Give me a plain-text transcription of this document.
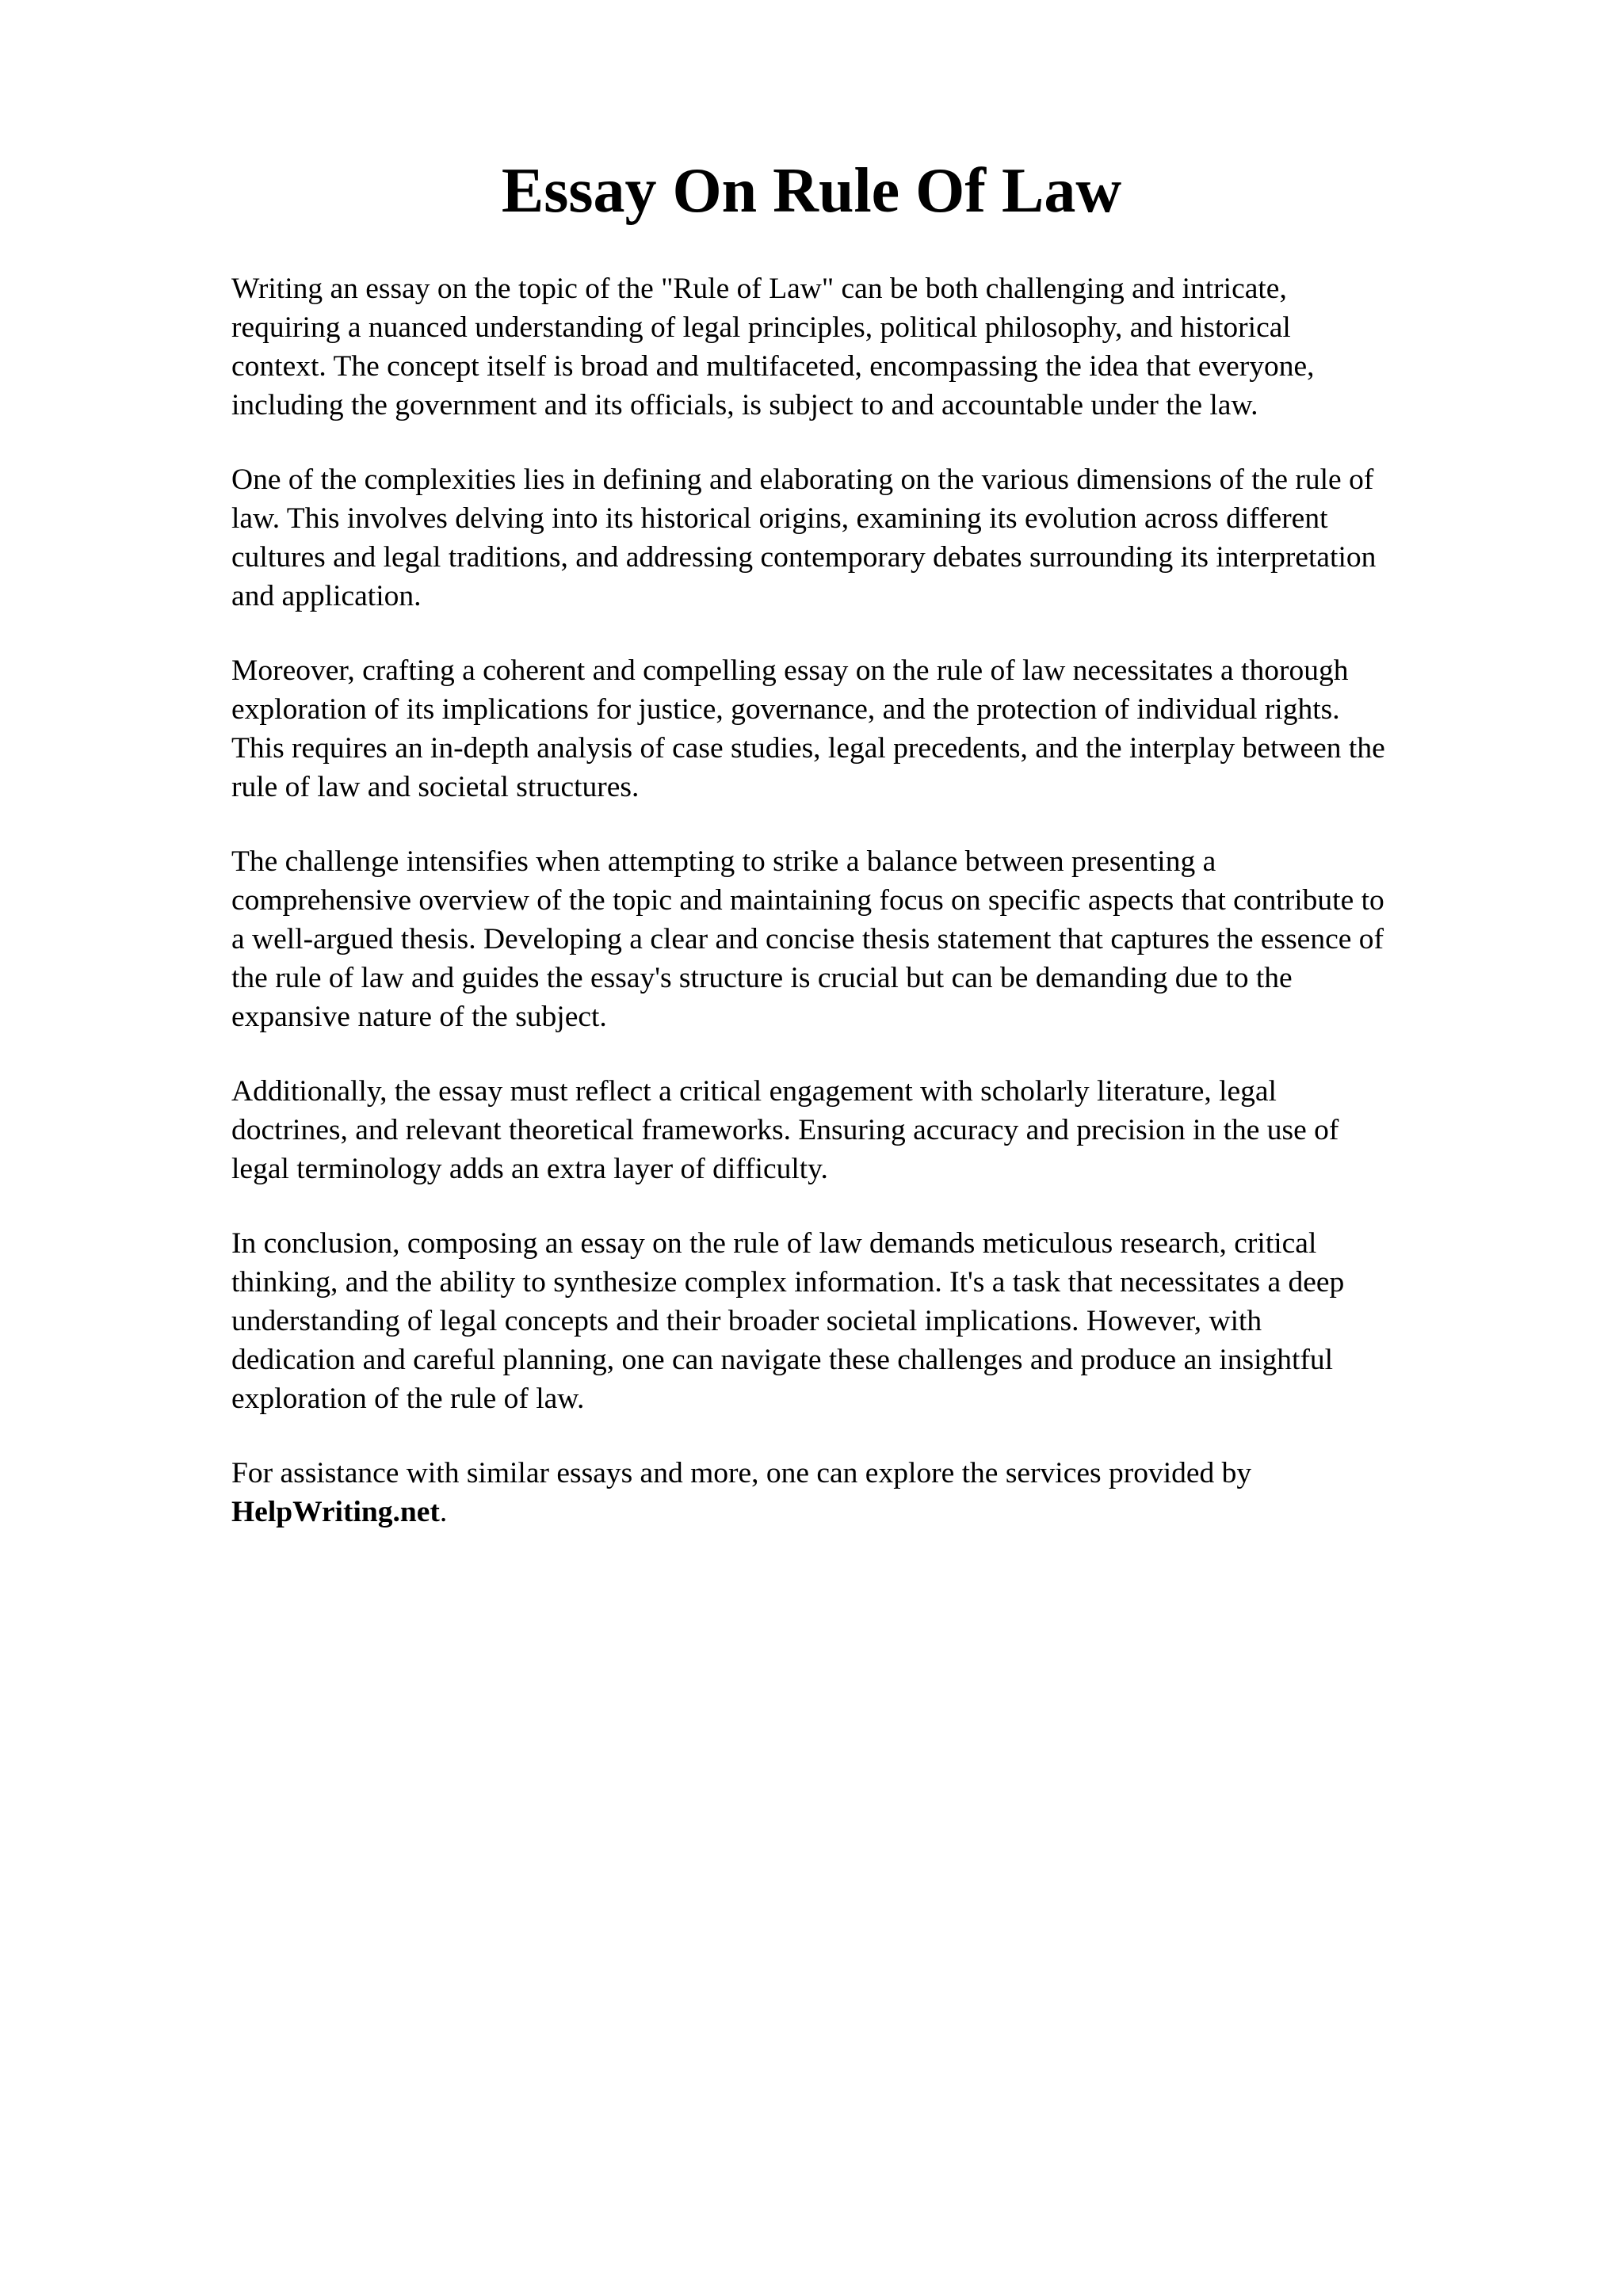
Essay On Rule Of Law

Writing an essay on the topic of the "Rule of Law" can be both challenging and intricate,
requiring a nuanced understanding of legal principles, political philosophy, and historical
context. The concept itself is broad and multifaceted, encompassing the idea that everyone,
including the government and its officials, is subject to and accountable under the law.

One of the complexities lies in defining and elaborating on the various dimensions of the rule of
law. This involves delving into its historical origins, examining its evolution across different
cultures and legal traditions, and addressing contemporary debates surrounding its interpretation
and application.

Moreover, crafting a coherent and compelling essay on the rule of law necessitates a thorough
exploration of its implications for justice, governance, and the protection of individual rights.
This requires an in-depth analysis of case studies, legal precedents, and the interplay between the
rule of law and societal structures.

The challenge intensifies when attempting to strike a balance between presenting a
comprehensive overview of the topic and maintaining focus on specific aspects that contribute to
a well-argued thesis. Developing a clear and concise thesis statement that captures the essence of
the rule of law and guides the essay's structure is crucial but can be demanding due to the
expansive nature of the subject.

Additionally, the essay must reflect a critical engagement with scholarly literature, legal
doctrines, and relevant theoretical frameworks. Ensuring accuracy and precision in the use of
legal terminology adds an extra layer of difficulty.

In conclusion, composing an essay on the rule of law demands meticulous research, critical
thinking, and the ability to synthesize complex information. It's a task that necessitates a deep
understanding of legal concepts and their broader societal implications. However, with
dedication and careful planning, one can navigate these challenges and produce an insightful
exploration of the rule of law.

For assistance with similar essays and more, one can explore the services provided by
HelpWriting.net.
